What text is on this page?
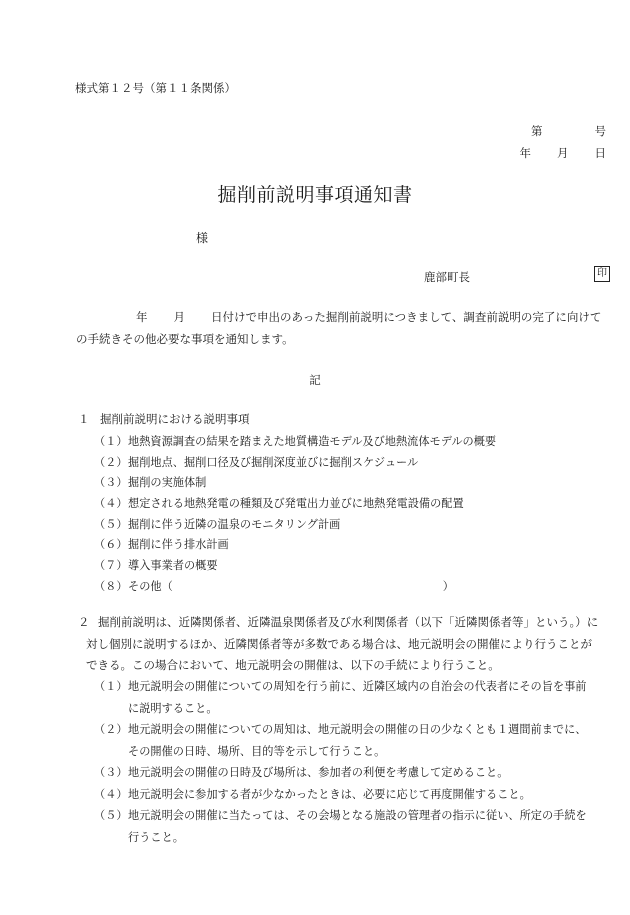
様式第１２号（第１１条関係）
第	号
年 月 日
掘削前説明事項通知書
様
鹿部町長	印
年 月 日付けで申出のあった掘削前説明につきまして、調査前説明の完了に向けて
の手続きその他必要な事項を通知します。
記
１ 掘削前説明における説明事項
（１） 地熱資源調査の結果を踏まえた地質構造モデル及び地熱流体モデルの概要
（２） 掘削地点、掘削口径及び掘削深度並びに掘削スケジュール
（３） 掘削の実施体制
（４） 想定される地熱発電の種類及び発電出力並びに地熱発電設備の配置
（５） 掘削に伴う近隣の温泉のモニタリング計画
（６） 掘削に伴う排水計画
（７） 導入事業者の概要
（８） その他（	）
２ 掘削前説明は、近隣関係者、近隣温泉関係者及び水利関係者（以下「近隣関係者等」という。）に
対し個別に説明するほか、近隣関係者等が多数である場合は、地元説明会の開催により行うことが
できる。この場合において、地元説明会の開催は、以下の手続により行うこと。
（１） 地元説明会の開催についての周知を行う前に、近隣区域内の自治会の代表者にその旨を事前
に説明すること。
（２） 地元説明会の開催についての周知は、地元説明会の開催の日の少なくとも１週間前までに、
その開催の日時、場所、目的等を示して行うこと。
（３） 地元説明会の開催の日時及び場所は、参加者の利便を考慮して定めること。
（４） 地元説明会に参加する者が少なかったときは、必要に応じて再度開催すること。
（５） 地元説明会の開催に当たっては、その会場となる施設の管理者の指示に従い、所定の手続を
行うこと。
